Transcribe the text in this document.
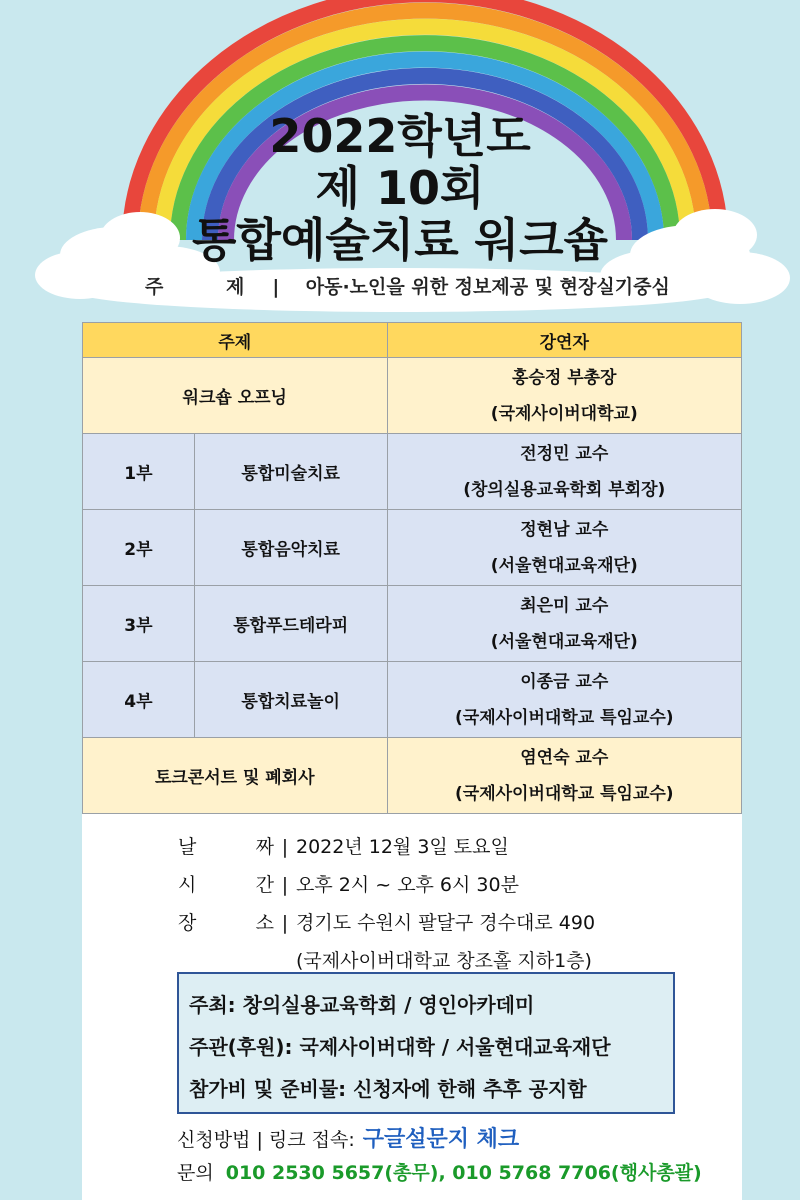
2022학년도
제 10회
통합예술치료 워크숍
주 제| 아동·노인을 위한 정보제공 및 현장실기중심
주제		강연자
워크숍 오프닝		홍승정 부총장
(국제사이버대학교)

1부	통합미술치료	전정민 교수
(창의실용교육학회 부회장)

2부	통합음악치료	정현남 교수
(서울현대교육재단)

3부	통합푸드테라피	최은미 교수
(서울현대교육재단)

4부	통합치료놀이	이종금 교수
(국제사이버대학교 특임교수)

토크콘서트 및 폐회사		염연숙 교수
(국제사이버대학교 특임교수)
날	짜 | 2022년 12월 3일 토요일
시	간 | 오후 2시 ~ 오후 6시 30분
장	소 | 경기도 수원시 팔달구 경수대로 490
(국제사이버대학교 창조홀 지하1층)
주최: 창의실용교육학회 / 영인아카데미
주관(후원): 국제사이버대학 / 서울현대교육재단
참가비 및 준비물: 신청자에 한해 추후 공지함
신청방법 | 링크 접속: 구글설문지 체크
문의 010 2530 5657(총무), 010 5768 7706(행사총괄)
